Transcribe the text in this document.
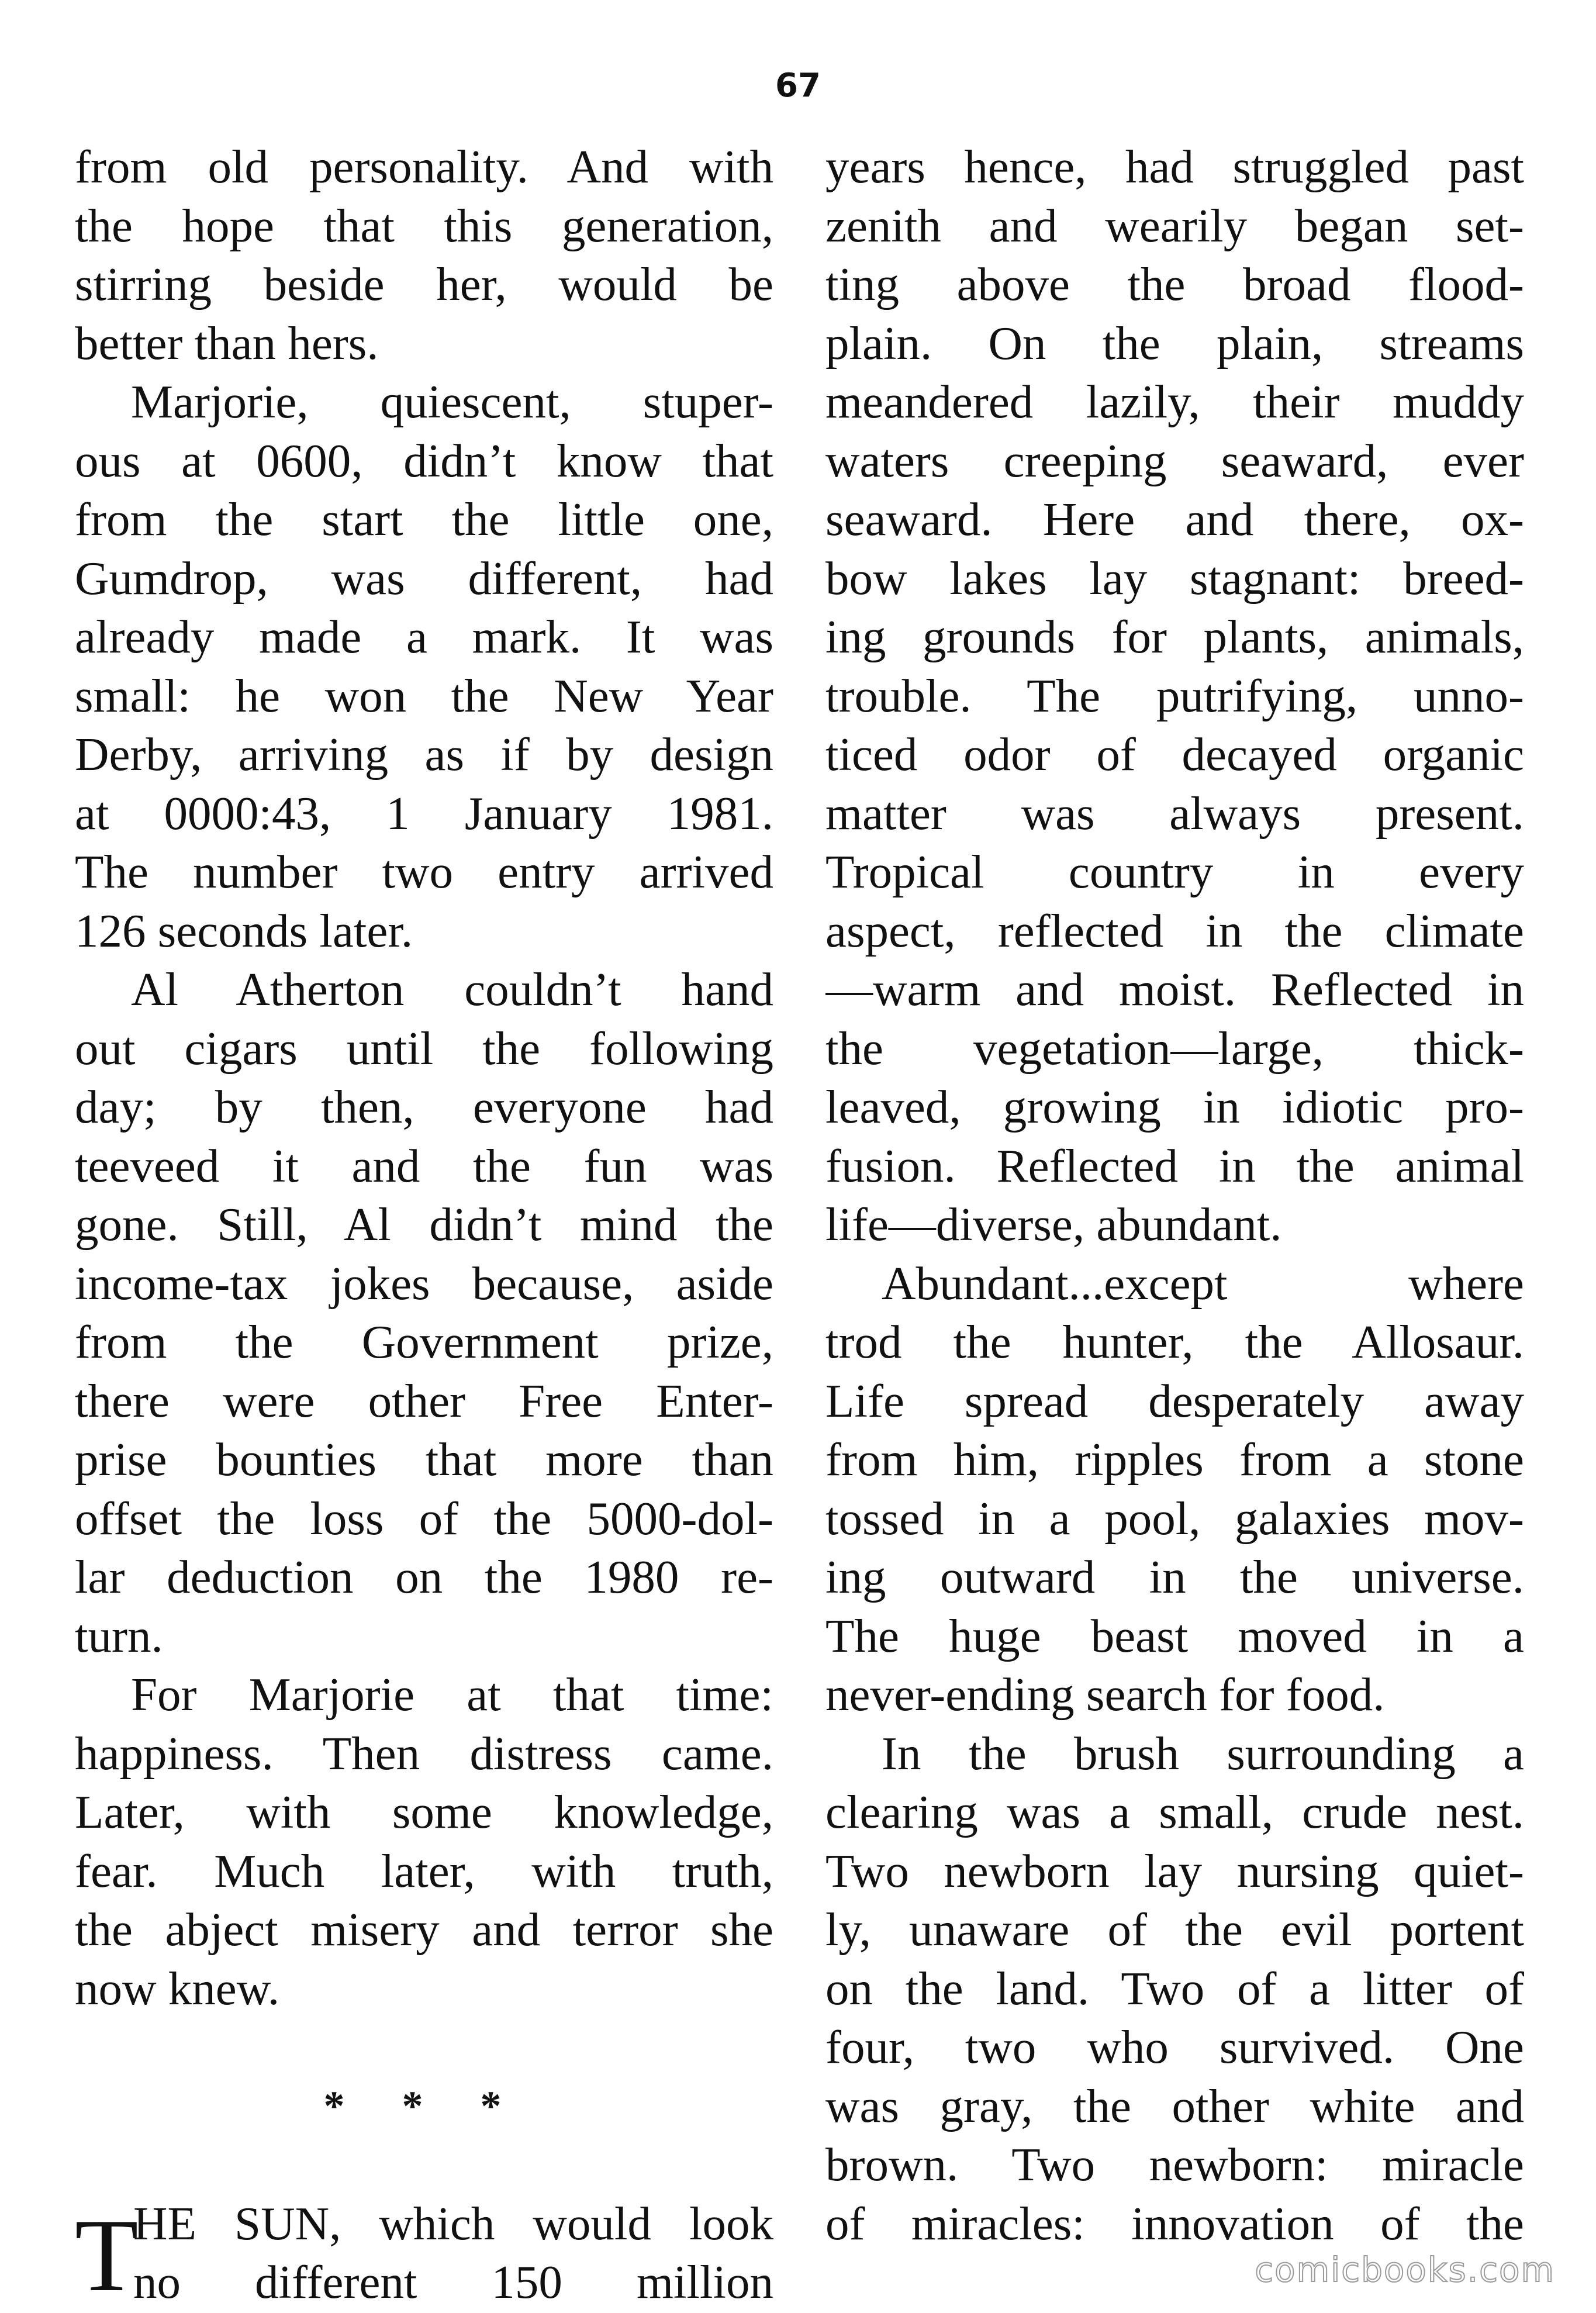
67
from old personality. And with
the hope that this generation,
stirring beside her, would be
better than hers.
Marjorie, quiescent, stuper-
ous at 0600, didn’t know that
from the start the little one,
Gumdrop, was different, had
already made a mark. It was
small: he won the New Year
Derby, arriving as if by design
at 0000:43, 1 January 1981.
The number two entry arrived
126 seconds later.
Al Atherton couldn’t hand
out cigars until the following
day; by then, everyone had
teeveed it and the fun was
gone. Still, Al didn’t mind the
income-tax jokes because, aside
from the Government prize,
there were other Free Enter-
prise bounties that more than
offset the loss of the 5000-dol-
lar deduction on the 1980 re-
turn.
For Marjorie at that time:
happiness. Then distress came.
Later, with some knowledge,
fear. Much later, with truth,
the abject misery and terror she
now knew.
* * *
T
HE SUN, which would look
no different 150 million
years hence, had struggled past
zenith and wearily began set-
ting above the broad flood-
plain. On the plain, streams
meandered lazily, their muddy
waters creeping seaward, ever
seaward. Here and there, ox-
bow lakes lay stagnant: breed-
ing grounds for plants, animals,
trouble. The putrifying, unno-
ticed odor of decayed organic
matter was always present.
Tropical country in every
aspect, reflected in the climate
—warm and moist. Reflected in
the vegetation—large, thick-
leaved, growing in idiotic pro-
fusion. Reflected in the animal
life—diverse, abundant.
Abundant...except where
trod the hunter, the Allosaur.
Life spread desperately away
from him, ripples from a stone
tossed in a pool, galaxies mov-
ing outward in the universe.
The huge beast moved in a
never-ending search for food.
In the brush surrounding a
clearing was a small, crude nest.
Two newborn lay nursing quiet-
ly, unaware of the evil portent
on the land. Two of a litter of
four, two who survived. One
was gray, the other white and
brown. Two newborn: miracle
of miracles: innovation of the
comicbooks.com
